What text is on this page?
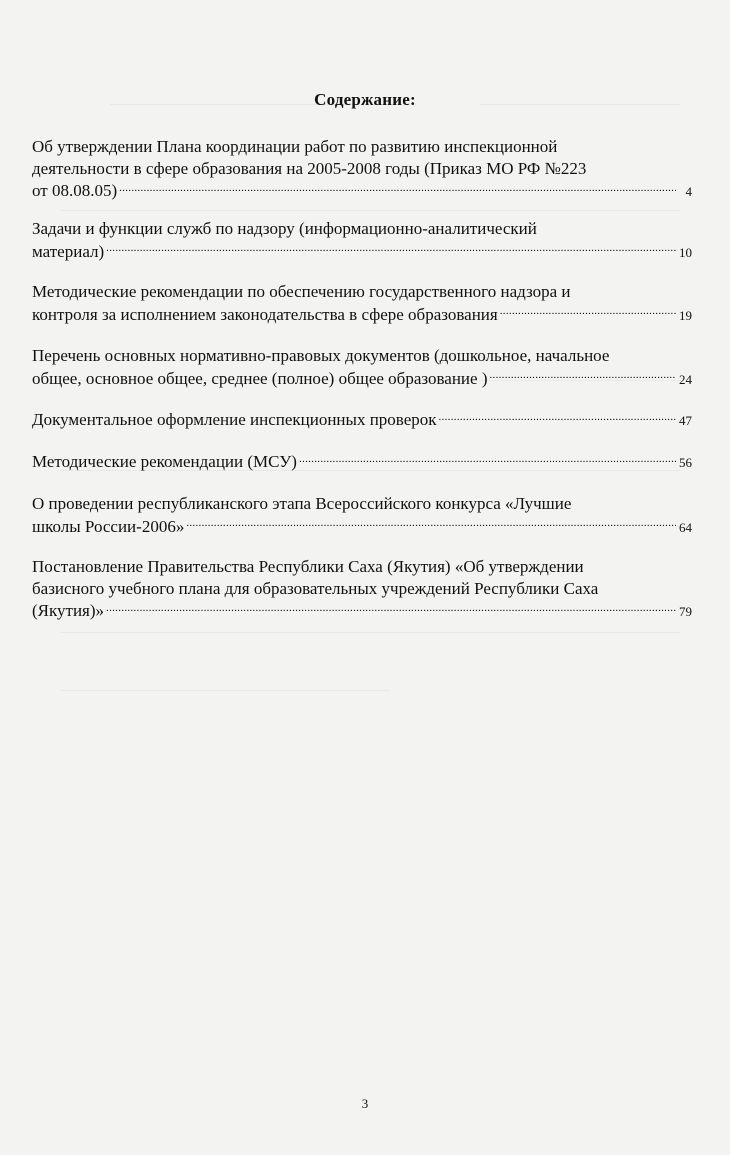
Содержание:
Об утверждении Плана координации работ по развитию инспекционной
деятельности в сфере образования на 2005-2008 годы (Приказ МО РФ №223
от 08.08.05) .....	4
Задачи и функции служб по надзору (информационно-аналитический
материал) .....	10
Методические рекомендации по обеспечению государственного надзора и
контроля за исполнением законодательства в сфере образования .....	19
Перечень основных нормативно-правовых документов (дошкольное, начальное
общее, основное общее, среднее (полное) общее образование ) .....	24
Документальное оформление инспекционных проверок .....	47
Методические рекомендации (МСУ) .....	56
О проведении республиканского этапа Всероссийского конкурса «Лучшие
школы России-2006» .....	64
Постановление Правительства Республики Саха (Якутия) «Об утверждении
базисного учебного плана для образовательных учреждений Республики Саха
(Якутия)» .....	79
3
